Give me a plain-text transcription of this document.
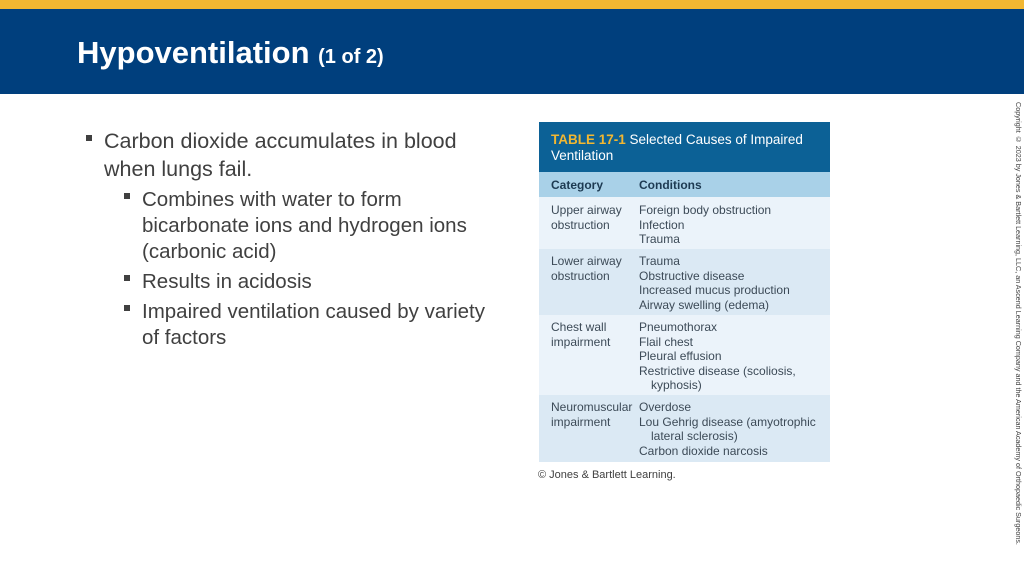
Hypoventilation (1 of 2)
Carbon dioxide accumulates in blood when lungs fail.
Combines with water to form bicarbonate ions and hydrogen ions (carbonic acid)
Results in acidosis
Impaired ventilation caused by variety of factors
TABLE 17-1 Selected Causes of Impaired Ventilation
Category	Conditions
Upper airway obstruction
Foreign body obstruction
Infection
Trauma
Lower airway obstruction
Trauma
Obstructive disease
Increased mucus production
Airway swelling (edema)
Chest wall impairment
Pneumothorax
Flail chest
Pleural effusion
Restrictive disease (scoliosis,
kyphosis)
Neuromuscular impairment
Overdose
Lou Gehrig disease (amyotrophic
lateral sclerosis)
Carbon dioxide narcosis
© Jones & Bartlett Learning.	Copyright © 2023 by Jones & Bartlett Learning, LLC, an Ascend Learning Company and the American Academy of Orthopaedic Surgeons.
